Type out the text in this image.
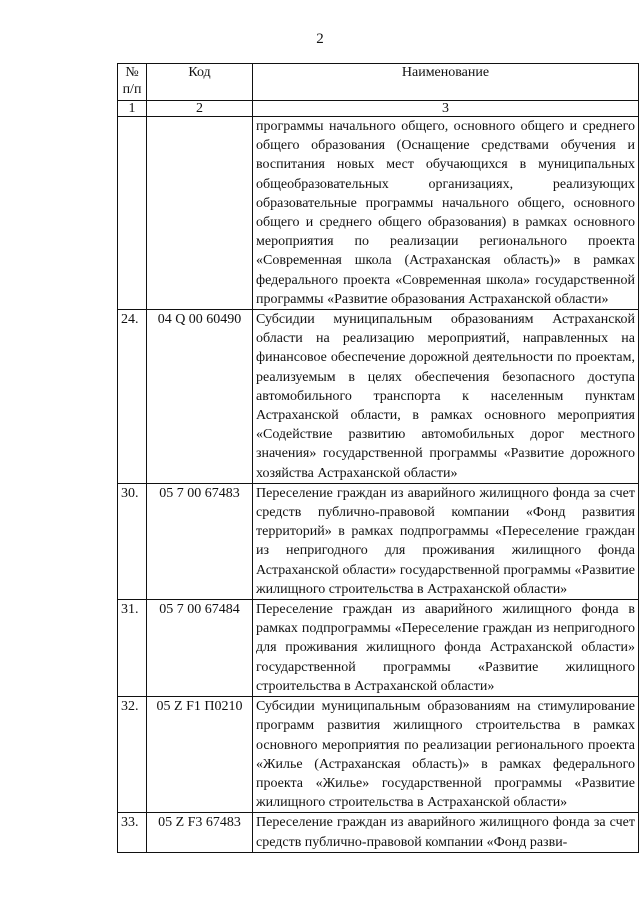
2
№ п/п	Код	Наименование
1	2	3
		программы начального общего, основного общего и среднего общего образования (Оснащение средствами обучения и воспитания новых мест обучающихся в муниципальных общеобразовательных организациях, реализующих образовательные программы начального общего, основного общего и среднего общего образования) в рамках основного мероприятия по реализации регионального проекта «Современная школа (Астраханская область)» в рамках федерального проекта «Современная школа» государственной программы «Развитие образования Астраханской области»
24.	04 Q 00 60490	Субсидии муниципальным образованиям Астраханской области на реализацию мероприятий, направленных на финансовое обеспечение дорожной деятельности по проектам, реализуемым в целях обеспечения безопасного доступа автомобильного транспорта к населенным пунктам Астраханской области, в рамках основного мероприятия «Содействие развитию автомобильных дорог местного значения» государственной программы «Развитие дорожного хозяйства Астраханской области»
30.	05 7 00 67483	Переселение граждан из аварийного жилищного фонда за счет средств публично-правовой компании «Фонд развития территорий» в рамках подпрограммы «Переселение граждан из непригодного для проживания жилищного фонда Астраханской области» государственной программы «Развитие жилищного строительства в Астраханской области»
31.	05 7 00 67484	Переселение граждан из аварийного жилищного фонда в рамках подпрограммы «Переселение граждан из непригодного для проживания жилищного фонда Астраханской области» государственной программы «Развитие жилищного строительства в Астраханской области»
32.	05 Z F1 П0210	Субсидии муниципальным образованиям на стимулирование программ развития жилищного строительства в рамках основного мероприятия по реализации регионального проекта «Жилье (Астраханская область)» в рамках федерального проекта «Жилье» государственной программы «Развитие жилищного строительства в Астраханской области»
33.	05 Z F3 67483	Переселение граждан из аварийного жилищного фонда за счет средств публично-правовой компании «Фонд разви-
